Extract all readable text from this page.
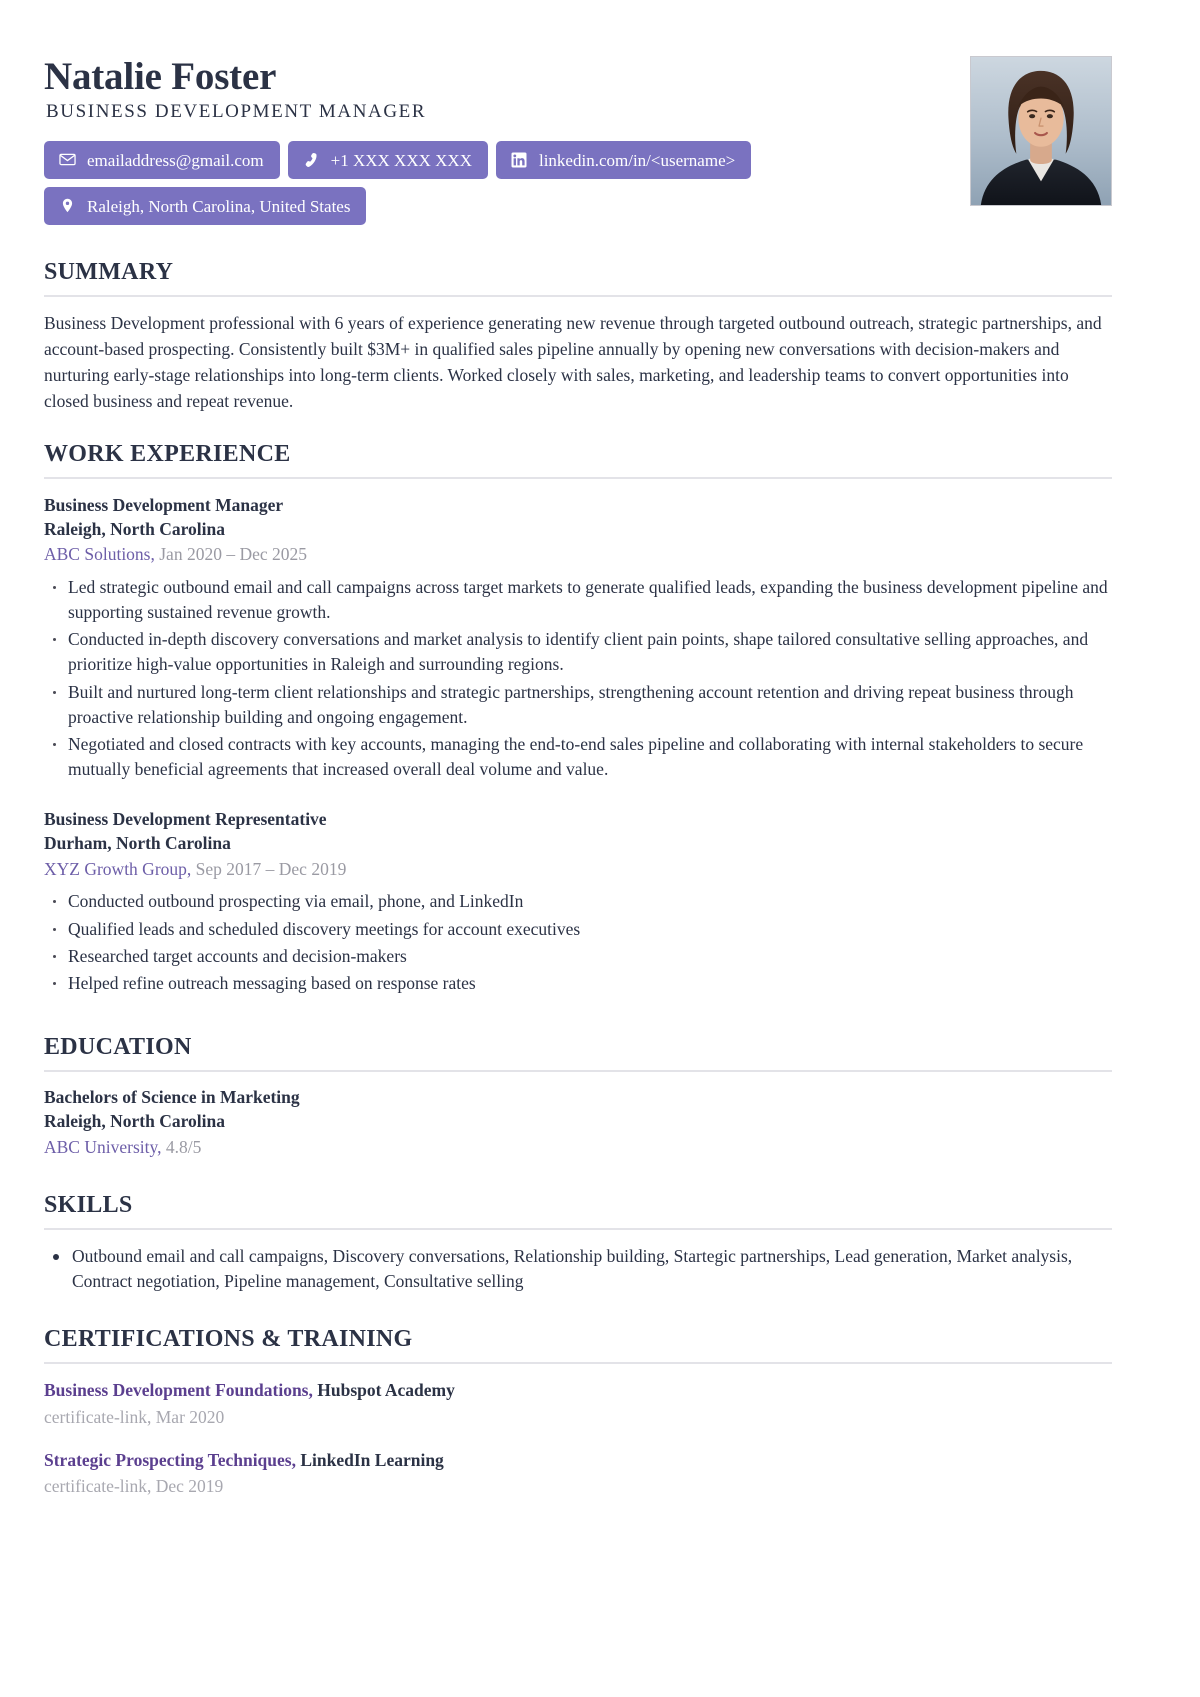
Natalie Foster
BUSINESS DEVELOPMENT MANAGER
emailaddress@gmail.com	+1 XXX XXX XXX	linkedin.com/in/<username>
Raleigh, North Carolina, United States
SUMMARY

Business Development professional with 6 years of experience generating new revenue through targeted outbound outreach, strategic partnerships, and account-based prospecting. Consistently built $3M+ in qualified sales pipeline annually by opening new conversations with decision-makers and nurturing early-stage relationships into long-term clients. Worked closely with sales, marketing, and leadership teams to convert opportunities into closed business and repeat revenue.

WORK EXPERIENCE
Business Development Manager
Raleigh, North Carolina
ABC Solutions, Jan 2020 – Dec 2025
Led strategic outbound email and call campaigns across target markets to generate qualified leads, expanding the business development pipeline and supporting sustained revenue growth.
Conducted in-depth discovery conversations and market analysis to identify client pain points, shape tailored consultative selling approaches, and prioritize high-value opportunities in Raleigh and surrounding regions.
Built and nurtured long-term client relationships and strategic partnerships, strengthening account retention and driving repeat business through proactive relationship building and ongoing engagement.
Negotiated and closed contracts with key accounts, managing the end-to-end sales pipeline and collaborating with internal stakeholders to secure mutually beneficial agreements that increased overall deal volume and value.
Business Development Representative
Durham, North Carolina
XYZ Growth Group, Sep 2017 – Dec 2019
Conducted outbound prospecting via email, phone, and LinkedIn
Qualified leads and scheduled discovery meetings for account executives
Researched target accounts and decision-makers
Helped refine outreach messaging based on response rates
EDUCATION
Bachelors of Science in Marketing
Raleigh, North Carolina
ABC University, 4.8/5
SKILLS
Outbound email and call campaigns, Discovery conversations, Relationship building, Startegic partnerships, Lead generation, Market analysis, Contract negotiation, Pipeline management, Consultative selling
CERTIFICATIONS & TRAINING
Business Development Foundations, Hubspot Academy
certificate-link, Mar 2020
Strategic Prospecting Techniques, LinkedIn Learning
certificate-link, Dec 2019
